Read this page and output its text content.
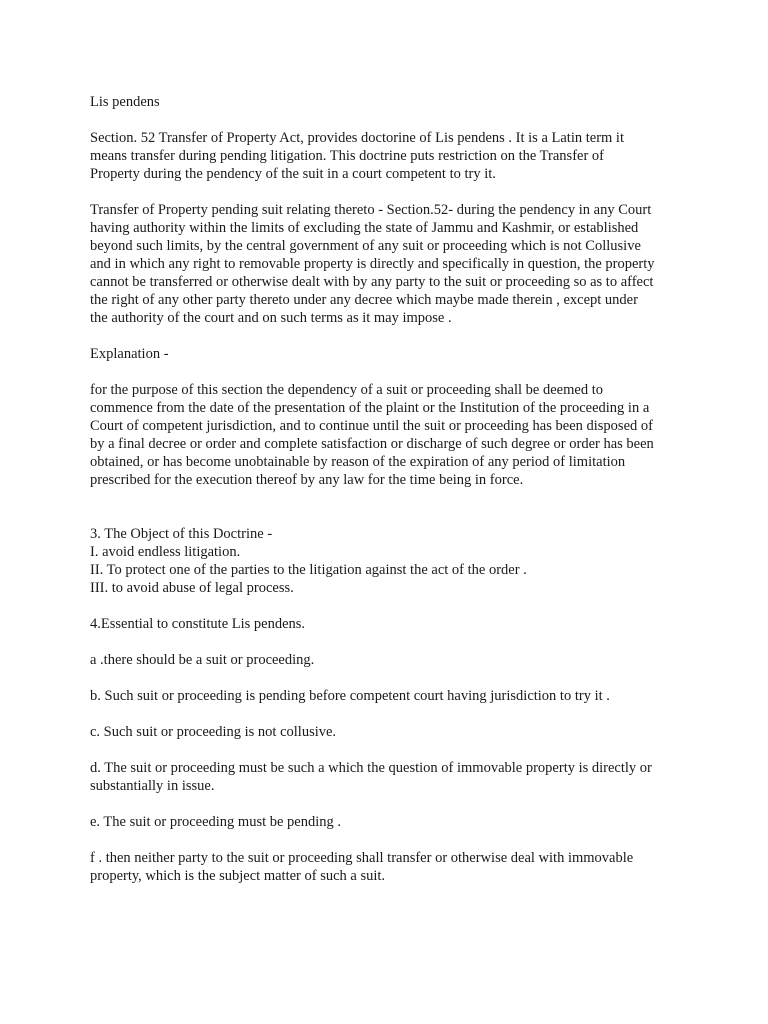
Lis pendens

Section. 52 Transfer of Property Act, provides doctorine of Lis pendens . It is a Latin term it
means transfer during pending litigation. This doctrine puts restriction on the Transfer of
Property during the pendency of the suit in a court competent to try it.

Transfer of Property pending suit relating thereto - Section.52- during the pendency in any Court
having authority within the limits of excluding the state of Jammu and Kashmir, or established
beyond such limits, by the central government of any suit or proceeding which is not Collusive
and in which any right to removable property is directly and specifically in question, the property
cannot be transferred or otherwise dealt with by any party to the suit or proceeding so as to affect
the right of any other party thereto under any decree which maybe made therein , except under
the authority of the court and on such terms as it may impose .

Explanation -

for the purpose of this section the dependency of a suit or proceeding shall be deemed to
commence from the date of the presentation of the plaint or the Institution of the proceeding in a
Court of competent jurisdiction, and to continue until the suit or proceeding has been disposed of
by a final decree or order and complete satisfaction or discharge of such degree or order has been
obtained, or has become unobtainable by reason of the expiration of any period of limitation
prescribed for the execution thereof by any law for the time being in force.

3. The Object of this Doctrine -

I. avoid endless litigation.

II. To protect one of the parties to the litigation against the act of the order .

III. to avoid abuse of legal process.

4.Essential to constitute Lis pendens.

a .there should be a suit or proceeding.

b. Such suit or proceeding is pending before competent court having jurisdiction to try it .

c. Such suit or proceeding is not collusive.

d. The suit or proceeding must be such a which the question of immovable property is directly or
substantially in issue.

e. The suit or proceeding must be pending .

f . then neither party to the suit or proceeding shall transfer or otherwise deal with immovable
property, which is the subject matter of such a suit.
